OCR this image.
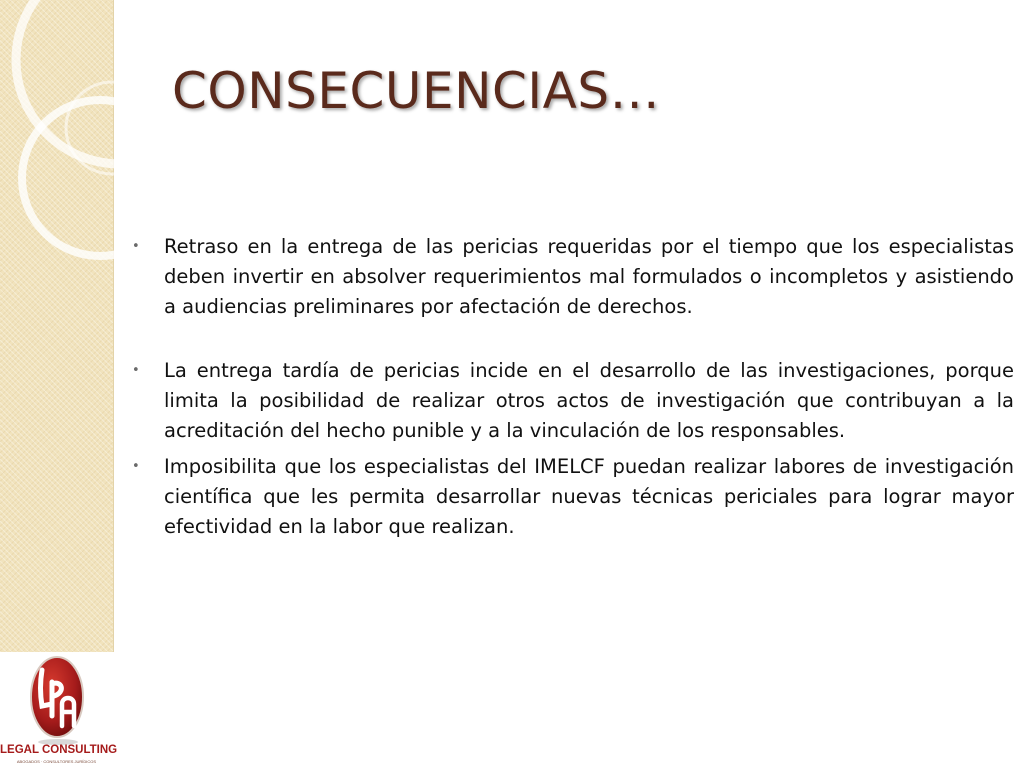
CONSECUENCIAS…
•	Retraso en la entrega de las pericias requeridas por el tiempo que los especialistas deben invertir en absolver requerimientos mal formulados o incompletos y asistiendo a audiencias preliminares por afectación de derechos.
•	La entrega tardía de pericias incide en el desarrollo de las investigaciones, porque limita la posibilidad de realizar otros actos de investigación que contribuyan a la acreditación del hecho punible y a la vinculación de los responsables.
•	Imposibilita que los especialistas del IMELCF puedan realizar labores de investigación científica que les permita desarrollar nuevas técnicas periciales para lograr mayor efectividad en la labor que realizan.
LEGAL CONSULTING
ABOGADOS · CONSULTORES JURÍDICOS
